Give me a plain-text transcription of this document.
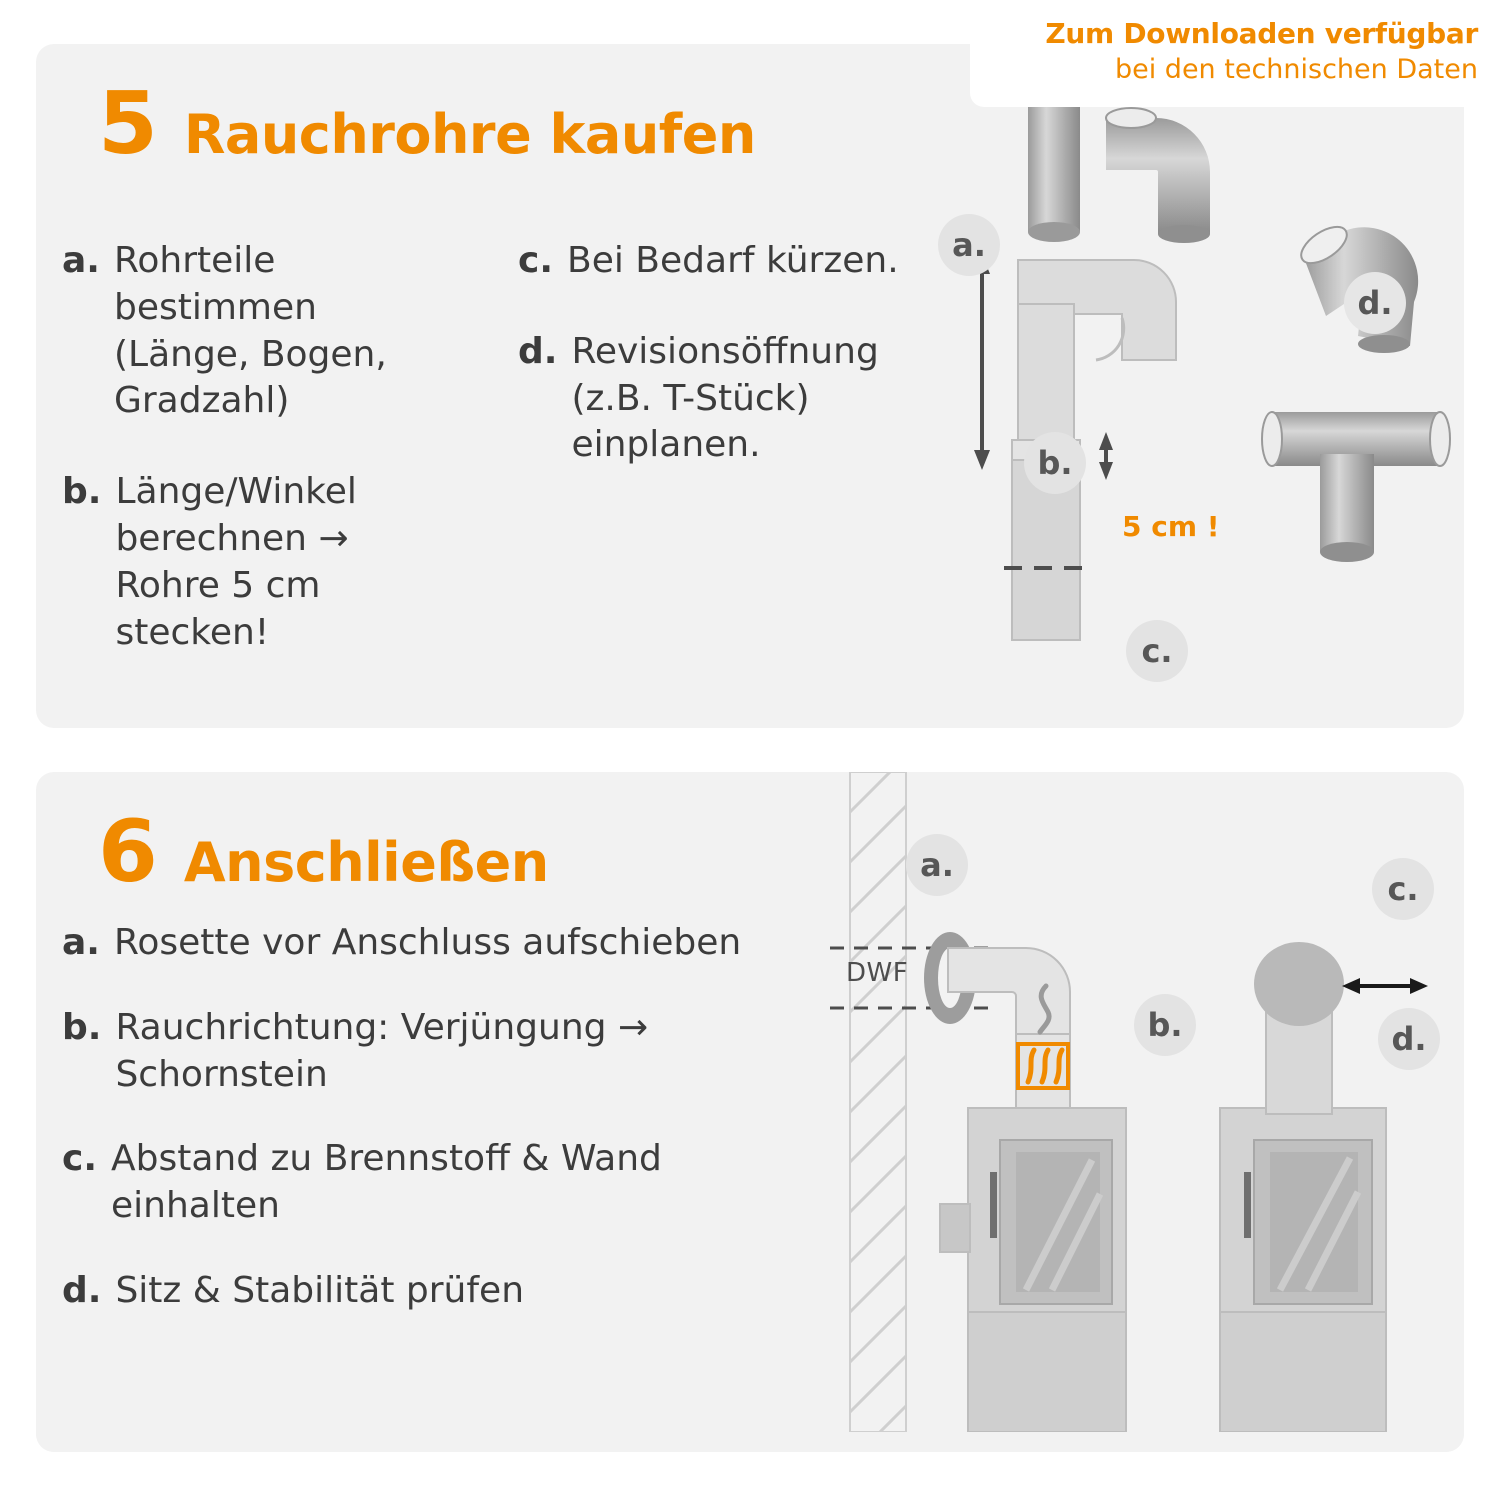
5 Rauchrohre kaufen
a. Rohrteile bestimmen (Länge, Bogen, Gradzahl)
b. Länge/Winkel berechnen → Rohre 5 cm stecken!
c. Bei Bedarf kürzen.
d. Revisionsöffnung (z.B. T-Stück) einplanen.
a.
b.
c.
d.
5 cm !
6 Anschließen
a. Rosette vor Anschluss aufschieben
b. Rauchrichtung: Verjüngung → Schornstein
c. Abstand zu Brennstoff & Wand einhalten
d. Sitz & Stabilität prüfen
DWF
a.
b.
c.
d.
Zum Downloaden verfügbar
bei den technischen Daten
